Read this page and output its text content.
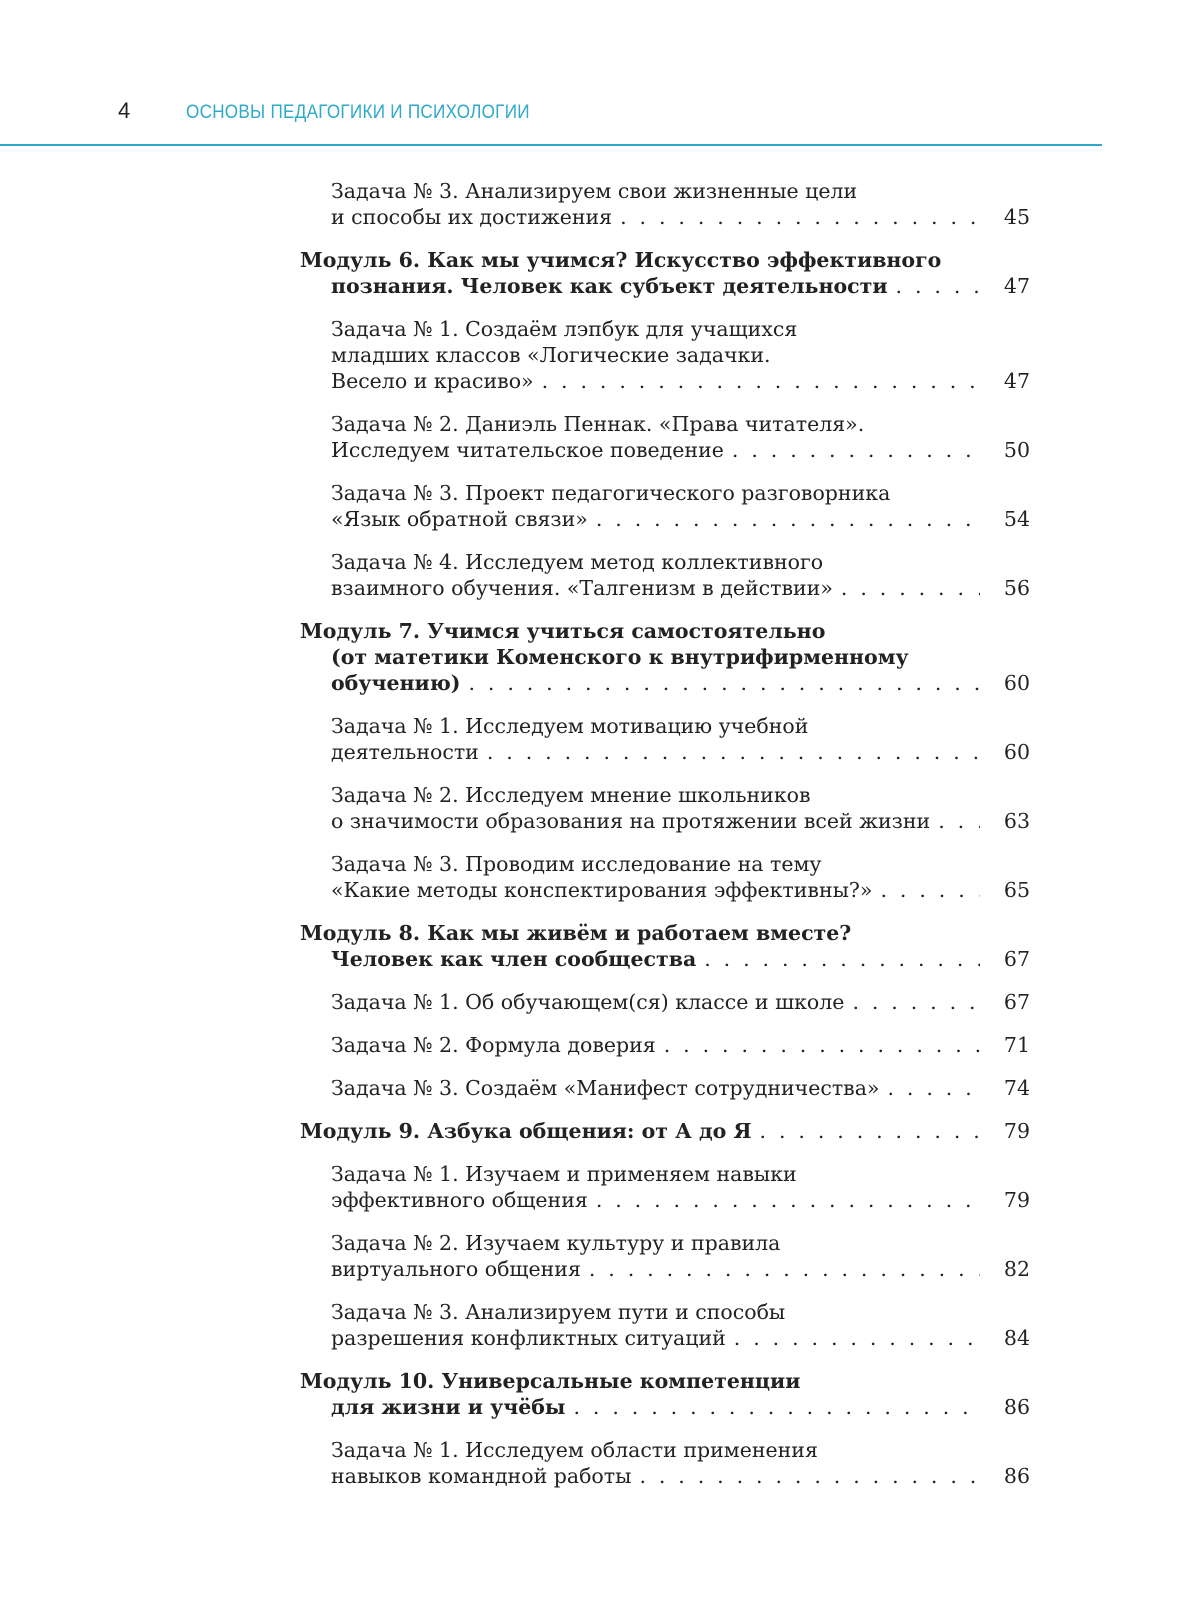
4	ОСНОВЫ ПЕДАГОГИКИ И ПСИХОЛОГИИ
Задача № 3. Анализируем свои жизненные цели
и способы их достижения . . .	45
Модуль 6. Как мы учимся? Искусство эффективного
познания. Человек как субъект деятельности . . .	47
Задача № 1. Создаём лэпбук для учащихся
младших классов «Логические задачки.
Весело и красиво» . . .	47
Задача № 2. Даниэль Пеннак. «Права читателя».
Исследуем читательское поведение . . .	50
Задача № 3. Проект педагогического разговорника
«Язык обратной связи» . . .	54
Задача № 4. Исследуем метод коллективного
взаимного обучения. «Талгенизм в действии» . . .	56
Модуль 7. Учимся учиться самостоятельно
(от матетики Коменского к внутрифирменному
обучению) . . .	60
Задача № 1. Исследуем мотивацию учебной
деятельности . . .	60
Задача № 2. Исследуем мнение школьников
о значимости образования на протяжении всей жизни . . .	63
Задача № 3. Проводим исследование на тему
«Какие методы конспектирования эффективны?» . . .	65
Модуль 8. Как мы живём и работаем вместе?
Человек как член сообщества . . .	67
Задача № 1. Об обучающем(ся) классе и школе . . .	67
Задача № 2. Формула доверия . . .	71
Задача № 3. Создаём «Манифест сотрудничества» . . .	74
Модуль 9. Азбука общения: от А до Я . . .	79
Задача № 1. Изучаем и применяем навыки
эффективного общения . . .	79
Задача № 2. Изучаем культуру и правила
виртуального общения . . .	82
Задача № 3. Анализируем пути и способы
разрешения конфликтных ситуаций . . .	84
Модуль 10. Универсальные компетенции
для жизни и учёбы . . .	86
Задача № 1. Исследуем области применения
навыков командной работы . . .	86
